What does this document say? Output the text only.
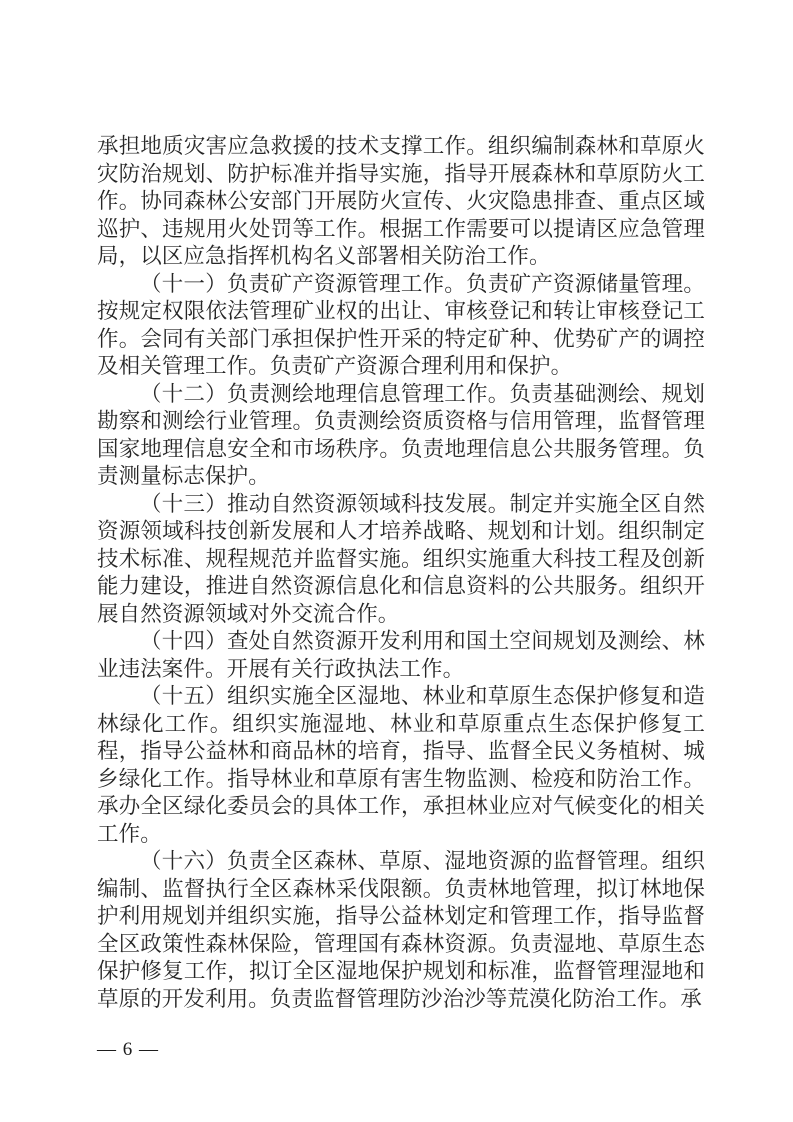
承担地质灾害应急救援的技术支撑工作。组织编制森林和草原火灾防治规划、防护标准并指导实施，指导开展森林和草原防火工作。协同森林公安部门开展防火宣传、火灾隐患排查、重点区域巡护、违规用火处罚等工作。根据工作需要可以提请区应急管理局，以区应急指挥机构名义部署相关防治工作。

（十一）负责矿产资源管理工作。负责矿产资源储量管理。按规定权限依法管理矿业权的出让、审核登记和转让审核登记工作。会同有关部门承担保护性开采的特定矿种、优势矿产的调控及相关管理工作。负责矿产资源合理利用和保护。

（十二）负责测绘地理信息管理工作。负责基础测绘、规划勘察和测绘行业管理。负责测绘资质资格与信用管理，监督管理国家地理信息安全和市场秩序。负责地理信息公共服务管理。负责测量标志保护。

（十三）推动自然资源领域科技发展。制定并实施全区自然资源领域科技创新发展和人才培养战略、规划和计划。组织制定技术标准、规程规范并监督实施。组织实施重大科技工程及创新能力建设，推进自然资源信息化和信息资料的公共服务。组织开展自然资源领域对外交流合作。

（十四）查处自然资源开发利用和国土空间规划及测绘、林业违法案件。开展有关行政执法工作。

（十五）组织实施全区湿地、林业和草原生态保护修复和造林绿化工作。组织实施湿地、林业和草原重点生态保护修复工程，指导公益林和商品林的培育，指导、监督全民义务植树、城乡绿化工作。指导林业和草原有害生物监测、检疫和防治工作。承办全区绿化委员会的具体工作，承担林业应对气候变化的相关工作。

（十六）负责全区森林、草原、湿地资源的监督管理。组织编制、监督执行全区森林采伐限额。负责林地管理，拟订林地保护利用规划并组织实施，指导公益林划定和管理工作，指导监督全区政策性森林保险，管理国有森林资源。负责湿地、草原生态保护修复工作，拟订全区湿地保护规划和标准，监督管理湿地和草原的开发利用。负责监督管理防沙治沙等荒漠化防治工作。承

— 6 —
